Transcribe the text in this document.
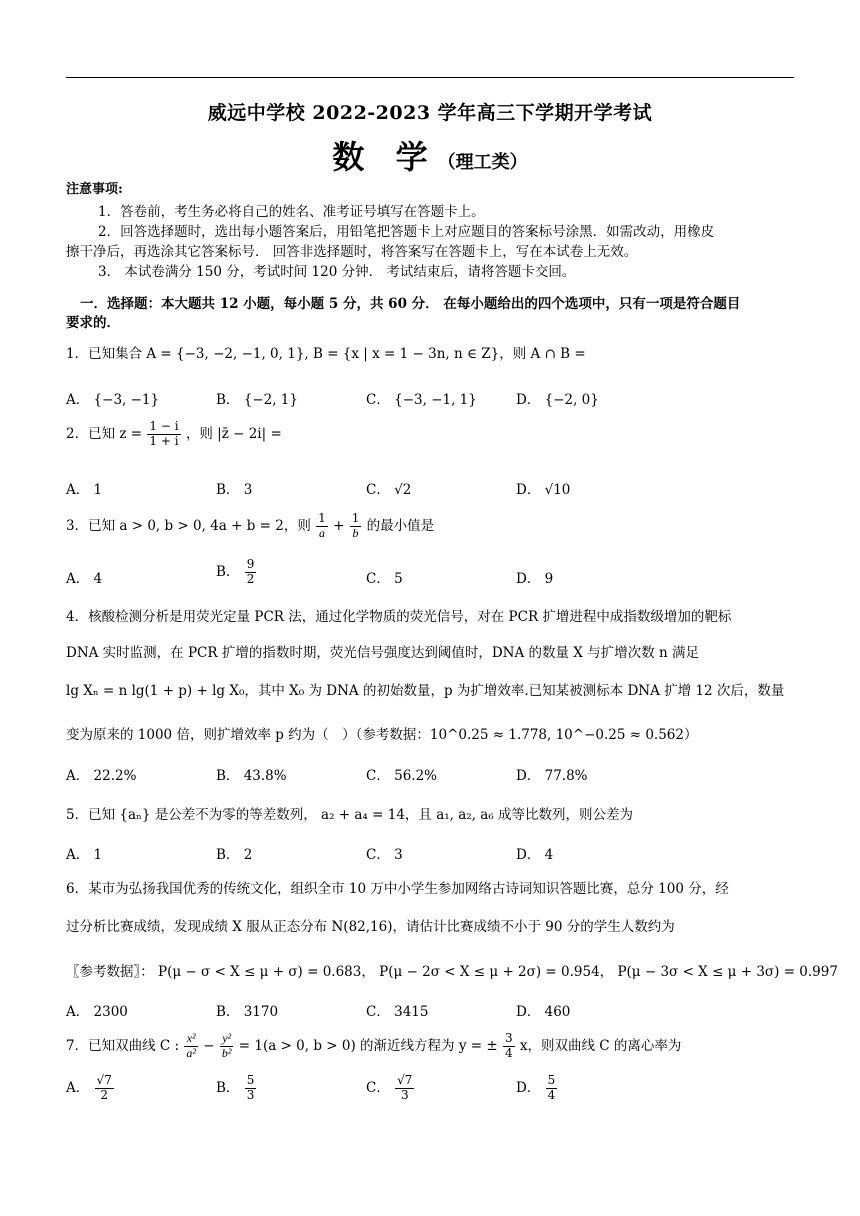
威远中学校 2022-2023 学年高三下学期开学考试
数 学（理工类）
注意事项:
1．答卷前，考生务必将自己的姓名、准考证号填写在答题卡上。
2．回答选择题时，选出每小题答案后，用铅笔把答题卡上对应题目的答案标号涂黑．如需改动，用橡皮
擦干净后，再选涂其它答案标号． 回答非选择题时，将答案写在答题卡上，写在本试卷上无效。
3． 本试卷满分 150 分，考试时间 120 分钟． 考试结束后，请将答题卡交回。
一．选择题：本大题共 12 小题，每小题 5 分，共 60 分． 在每小题给出的四个选项中，只有一项是符合题目
要求的．
1．已知集合 A = {−3, −2, −1, 0, 1}, B = {x | x = 1 − 3n, n ∈ Z}，则 A ∩ B =
A． {−3, −1}	B． {−2, 1}	C． {−3, −1, 1}	D． {−2, 0}
2．已知 $z = \frac{1 - i}{1 + i}$ ，则 |z̄ − 2i| =
A． 1	B． 3	C． √2	D． √10
3．已知 a > 0, b > 0, 4a + b = 2，则 $\frac{1}{a} + \frac{1}{b}$ 的最小值是
A． 4	B． $\frac{9}{2}$	C． 5	D． 9
4．核酸检测分析是用荧光定量 PCR 法，通过化学物质的荧光信号，对在 PCR 扩增进程中成指数级增加的靶标
DNA 实时监测，在 PCR 扩增的指数时期，荧光信号强度达到阈值时，DNA 的数量 X 与扩增次数 n 满足
lg Xₙ = n lg(1 + p) + lg X₀，其中 X₀ 为 DNA 的初始数量，p 为扩增效率.已知某被测标本 DNA 扩增 12 次后，数量
变为原来的 1000 倍，则扩增效率 p 约为（　）（参考数据：10^0.25 ≈ 1.778, 10^−0.25 ≈ 0.562）
A． 22.2%	B． 43.8%	C． 56.2%	D． 77.8%
5．已知 {aₙ} 是公差不为零的等差数列， a₂ + a₄ = 14，且 a₁, a₂, a₆ 成等比数列，则公差为
A． 1	B． 2	C． 3	D． 4
6．某市为弘扬我国优秀的传统文化，组织全市 10 万中小学生参加网络古诗词知识答题比赛，总分 100 分，经
过分析比赛成绩，发现成绩 X 服从正态分布 N(82,16)，请估计比赛成绩不小于 90 分的学生人数约为
〖参考数据〗： P(μ − σ < X ≤ μ + σ) = 0.683， P(μ − 2σ < X ≤ μ + 2σ) = 0.954， P(μ − 3σ < X ≤ μ + 3σ) = 0.997
A． 2300	B． 3170	C． 3415	D． 460
7．已知双曲线 C : $\frac{\text{x²}}{\text{a²}} - \frac{\text{y²}}{\text{b²}} = 1(a > 0$, b > 0) 的渐近线方程为 y = ± $\frac{3}{4}$ x，则双曲线 C 的离心率为
A． $\frac{√7}{2}$	B． $\frac{5}{3}$	C． $\frac{√7}{3}$	D． $\frac{5}{4}$
